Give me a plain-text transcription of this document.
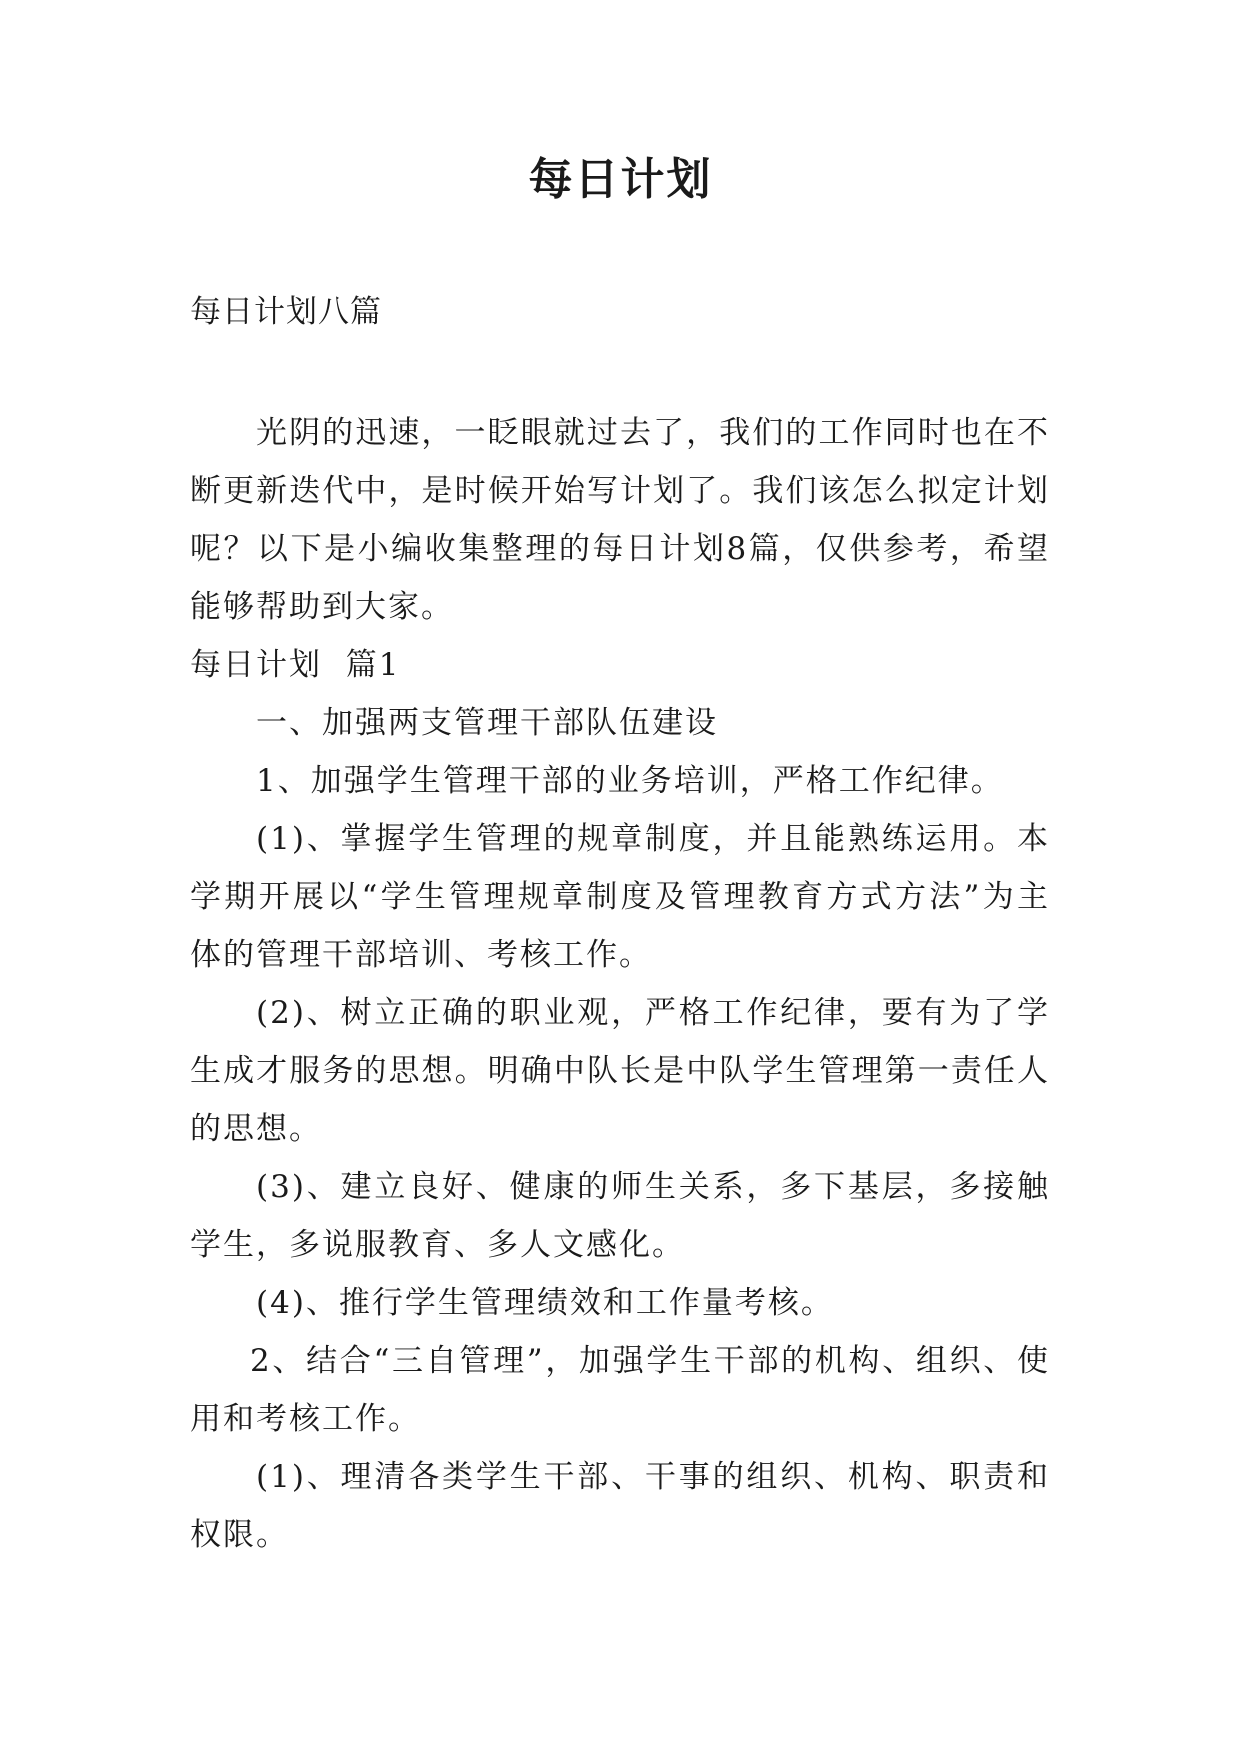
每日计划

每日计划八篇

光阴的迅速，一眨眼就过去了，我们的工作同时也在不断更新迭代中，是时候开始写计划了。我们该怎么拟定计划呢？以下是小编收集整理的每日计划8篇，仅供参考，希望能够帮助到大家。

每日计划  篇1

一、加强两支管理干部队伍建设

1、加强学生管理干部的业务培训，严格工作纪律。

(1)、掌握学生管理的规章制度，并且能熟练运用。本学期开展以“学生管理规章制度及管理教育方式方法”为主体的管理干部培训、考核工作。

(2)、树立正确的职业观，严格工作纪律，要有为了学生成才服务的思想。明确中队长是中队学生管理第一责任人的思想。

(3)、建立良好、健康的师生关系，多下基层，多接触学生，多说服教育、多人文感化。

(4)、推行学生管理绩效和工作量考核。

2、结合“三自管理”，加强学生干部的机构、组织、使用和考核工作。

(1)、理清各类学生干部、干事的组织、机构、职责和权限。
